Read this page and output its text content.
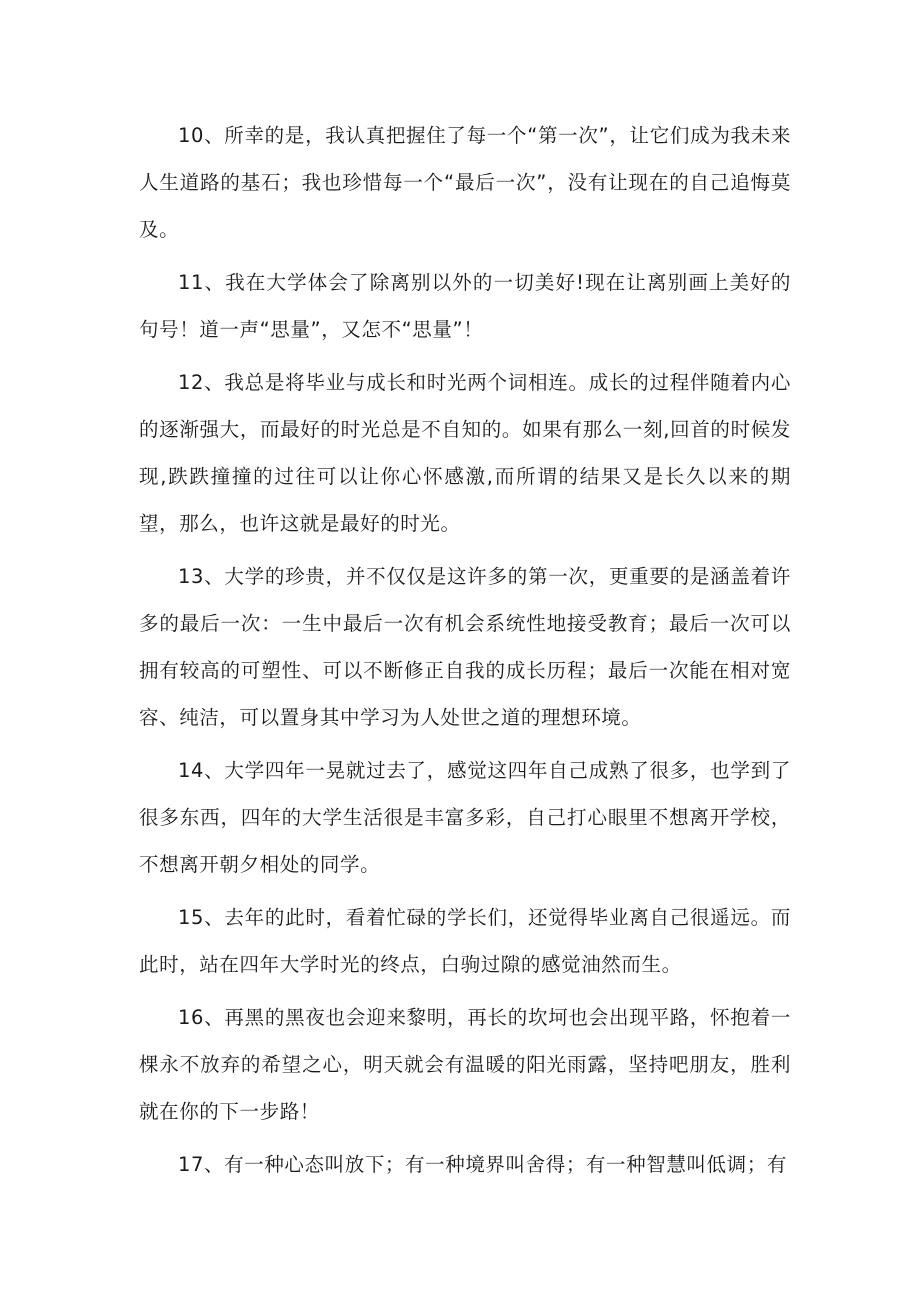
10、所幸的是，我认真把握住了每一个“第一次”，让它们成为我未来人生道路的基石；我也珍惜每一个“最后一次”，没有让现在的自己追悔莫及。

11、我在大学体会了除离别以外的一切美好!现在让离别画上美好的句号！道一声“思量”，又怎不“思量”！

12、我总是将毕业与成长和时光两个词相连。成长的过程伴随着内心的逐渐强大，而最好的时光总是不自知的。如果有那么一刻,回首的时候发现,跌跌撞撞的过往可以让你心怀感激,而所谓的结果又是长久以来的期望，那么，也许这就是最好的时光。

13、大学的珍贵，并不仅仅是这许多的第一次，更重要的是涵盖着许多的最后一次：一生中最后一次有机会系统性地接受教育；最后一次可以拥有较高的可塑性、可以不断修正自我的成长历程；最后一次能在相对宽容、纯洁，可以置身其中学习为人处世之道的理想环境。

14、大学四年一晃就过去了，感觉这四年自己成熟了很多，也学到了很多东西，四年的大学生活很是丰富多彩，自己打心眼里不想离开学校，不想离开朝夕相处的同学。

15、去年的此时，看着忙碌的学长们，还觉得毕业离自己很遥远。而此时，站在四年大学时光的终点，白驹过隙的感觉油然而生。

16、再黑的黑夜也会迎来黎明，再长的坎坷也会出现平路，怀抱着一棵永不放弃的希望之心，明天就会有温暖的阳光雨露，坚持吧朋友，胜利就在你的下一步路！

17、有一种心态叫放下；有一种境界叫舍得；有一种智慧叫低调；有
